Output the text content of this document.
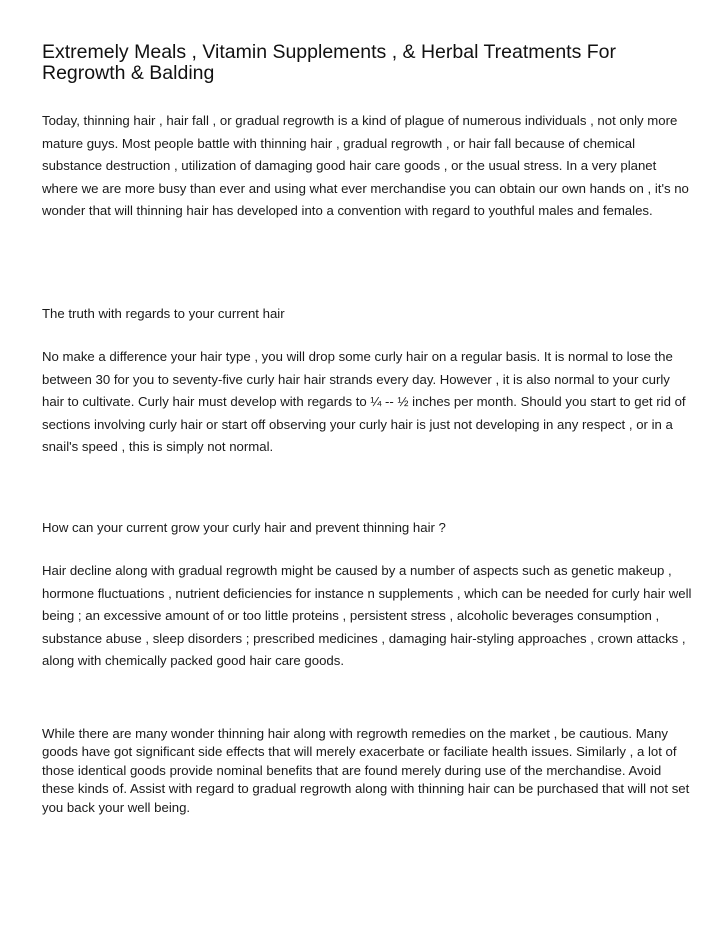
Extremely Meals , Vitamin Supplements , & Herbal Treatments For Regrowth & Balding

Today, thinning hair , hair fall , or gradual regrowth is a kind of plague of numerous individuals , not only more mature guys. Most people battle with thinning hair , gradual regrowth , or hair fall because of chemical substance destruction , utilization of damaging good hair care goods , or the usual stress. In a very planet where we are more busy than ever and using what ever merchandise you can obtain our own hands on , it's no wonder that will thinning hair has developed into a convention with regard to youthful males and females.

The truth with regards to your current hair

No make a difference your hair type , you will drop some curly hair on a regular basis. It is normal to lose the between 30 for you to seventy-five curly hair hair strands every day. However , it is also normal to your curly hair to cultivate. Curly hair must develop with regards to ¼ -- ½ inches per month. Should you start to get rid of sections involving curly hair or start off observing your curly hair is just not developing in any respect , or in a snail's speed , this is simply not normal.

How can your current grow your curly hair and prevent thinning hair ?

Hair decline along with gradual regrowth might be caused by a number of aspects such as genetic makeup , hormone fluctuations , nutrient deficiencies for instance n supplements , which can be needed for curly hair well being ; an excessive amount of or too little proteins , persistent stress , alcoholic beverages consumption , substance abuse , sleep disorders ; prescribed medicines , damaging hair-styling approaches , crown attacks , along with chemically packed good hair care goods.

While there are many wonder thinning hair along with regrowth remedies on the market , be cautious. Many goods have got significant side effects that will merely exacerbate or faciliate health issues. Similarly , a lot of those identical goods provide nominal benefits that are found merely during use of the merchandise. Avoid these kinds of. Assist with regard to gradual regrowth along with thinning hair can be purchased that will not set you back your well being.
